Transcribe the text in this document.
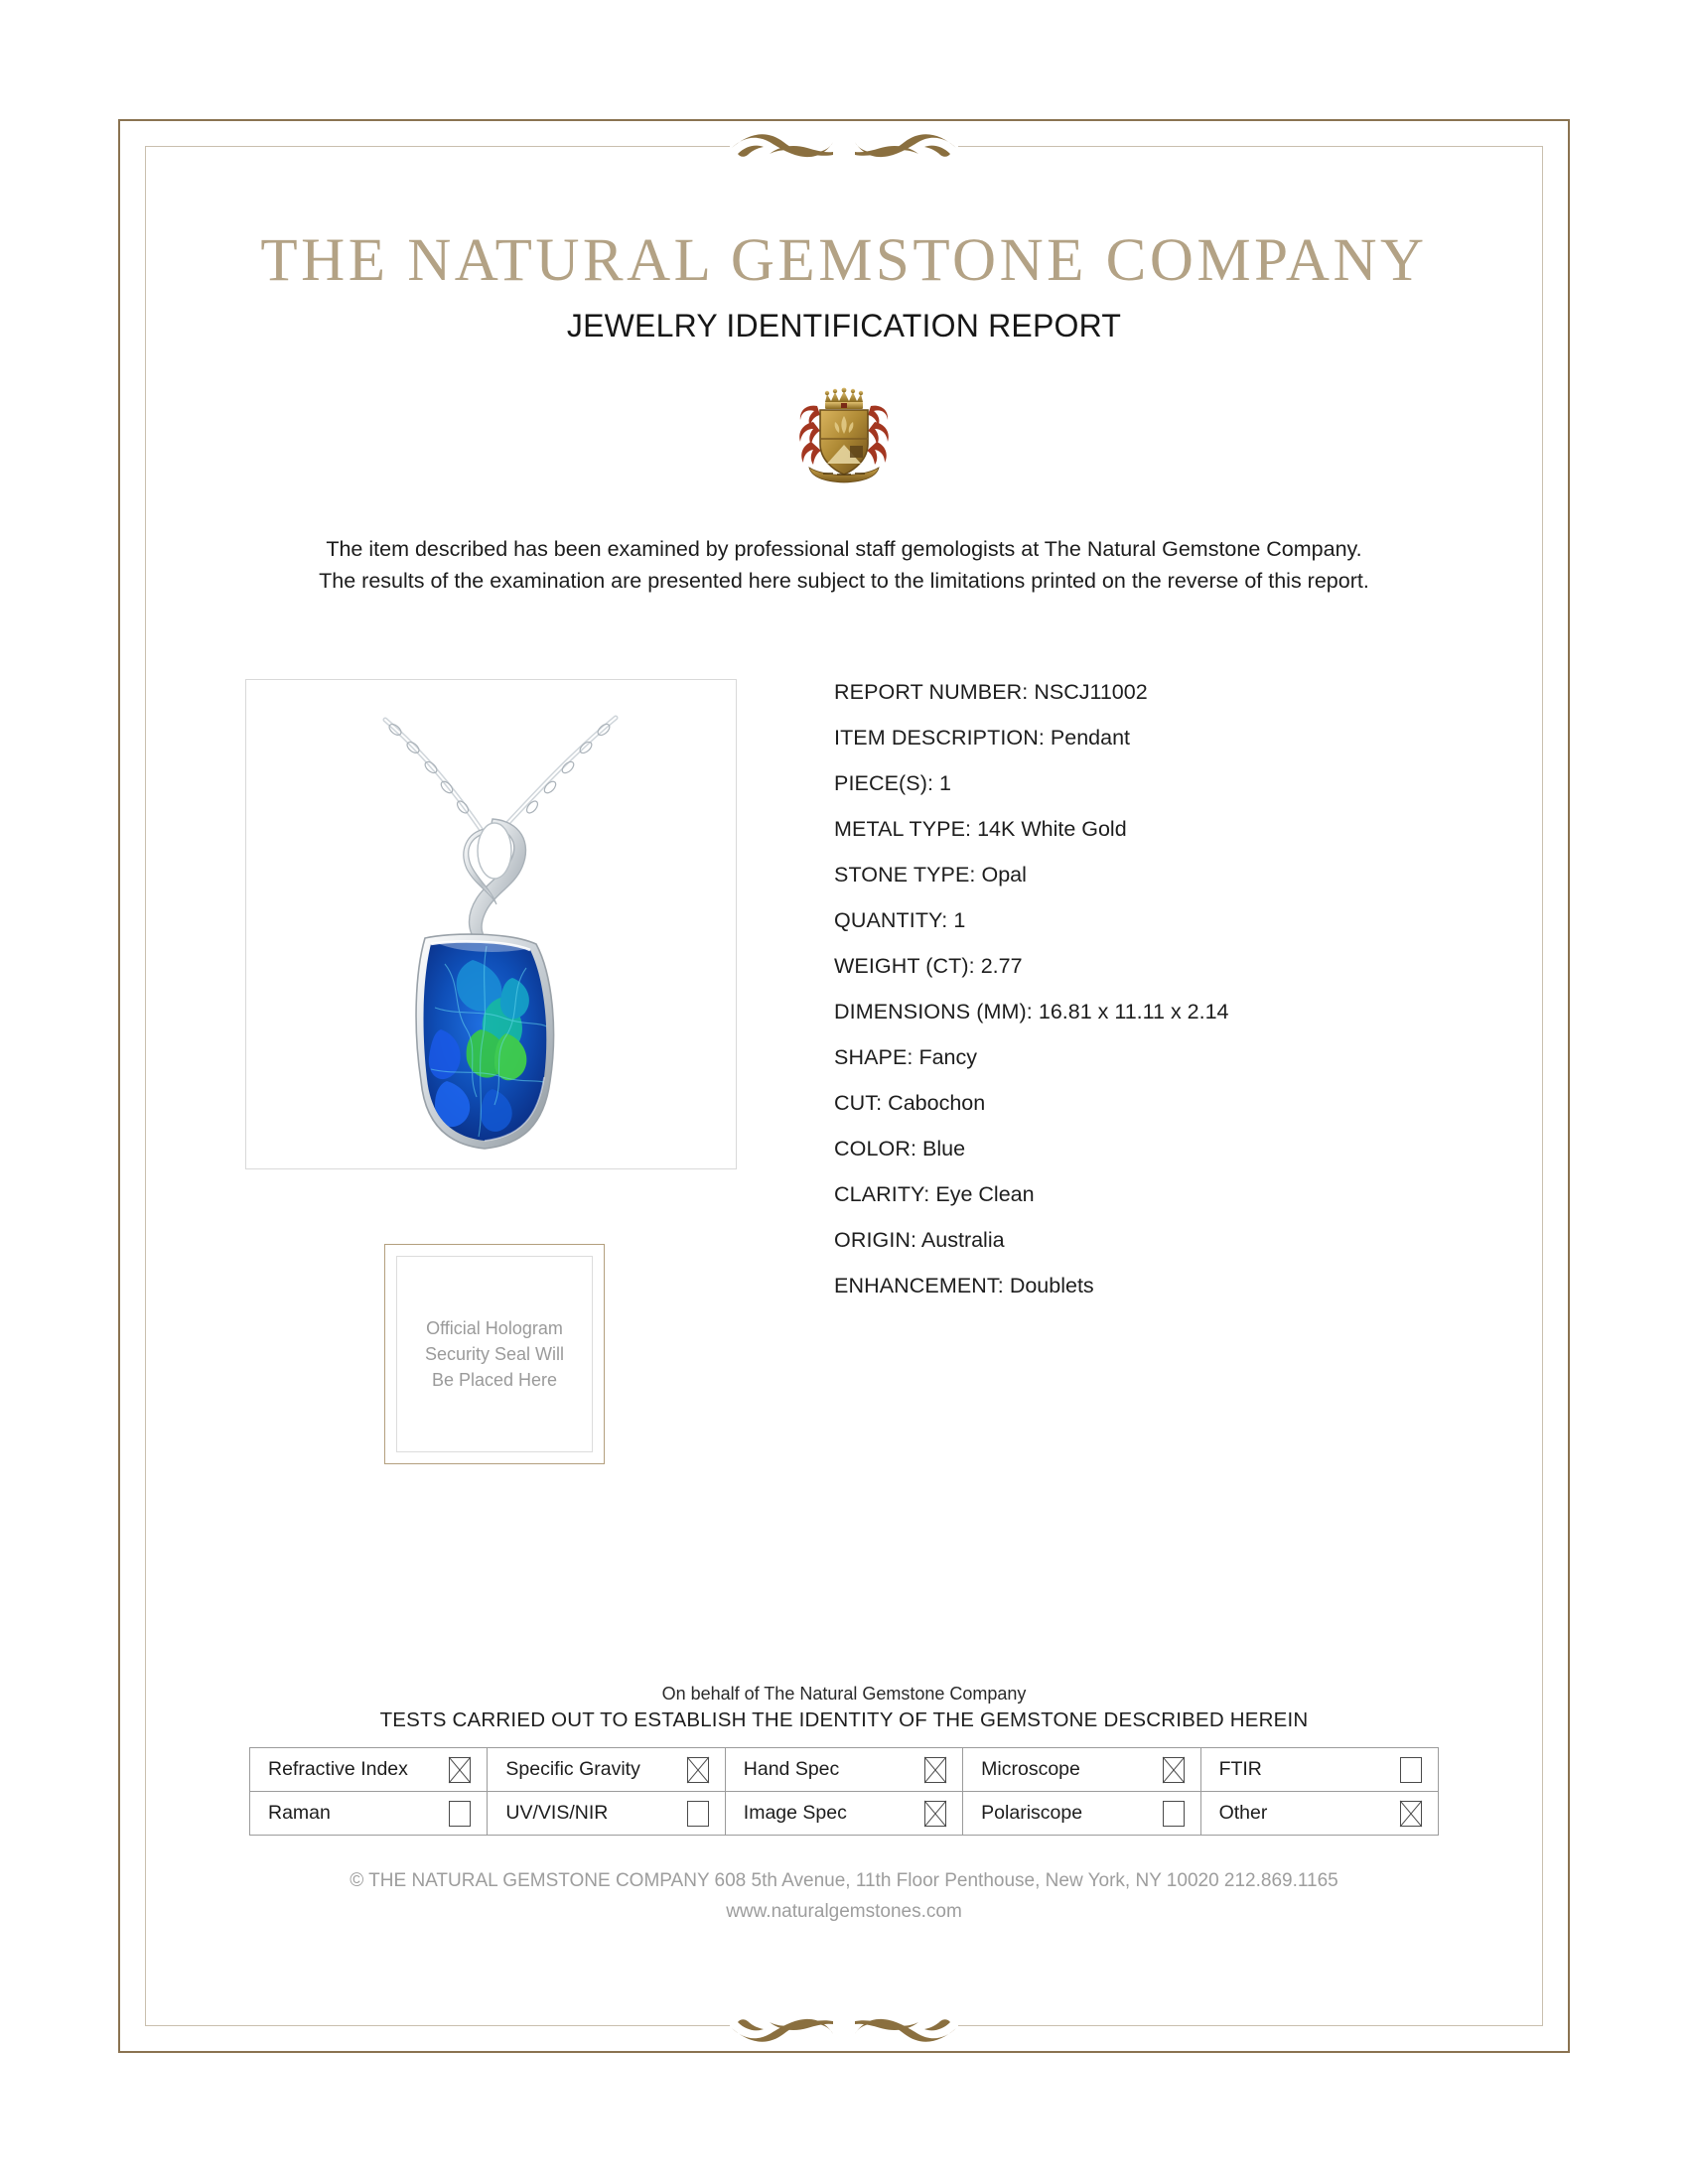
THE NATURAL GEMSTONE COMPANY
JEWELRY IDENTIFICATION REPORT
The item described has been examined by professional staff gemologists at The Natural Gemstone Company.
The results of the examination are presented here subject to the limitations printed on the reverse of this report.
REPORT NUMBER: NSCJ11002
ITEM DESCRIPTION: Pendant
PIECE(S): 1
METAL TYPE: 14K White Gold
STONE TYPE: Opal
QUANTITY: 1
WEIGHT (CT): 2.77
DIMENSIONS (MM): 16.81 x 11.11 x 2.14
SHAPE: Fancy
CUT: Cabochon
COLOR: Blue
CLARITY: Eye Clean
ORIGIN: Australia
ENHANCEMENT: Doublets
Official Hologram
Security Seal Will
Be Placed Here
On behalf of The Natural Gemstone Company
TESTS CARRIED OUT TO ESTABLISH THE IDENTITY OF THE GEMSTONE DESCRIBED HEREIN
Refractive Index	Specific Gravity	Hand Spec	Microscope	FTIR

Raman	UV/VIS/NIR	Image Spec	Polariscope	Other
© THE NATURAL GEMSTONE COMPANY 608 5th Avenue, 11th Floor Penthouse, New York, NY 10020 212.869.1165
www.naturalgemstones.com
